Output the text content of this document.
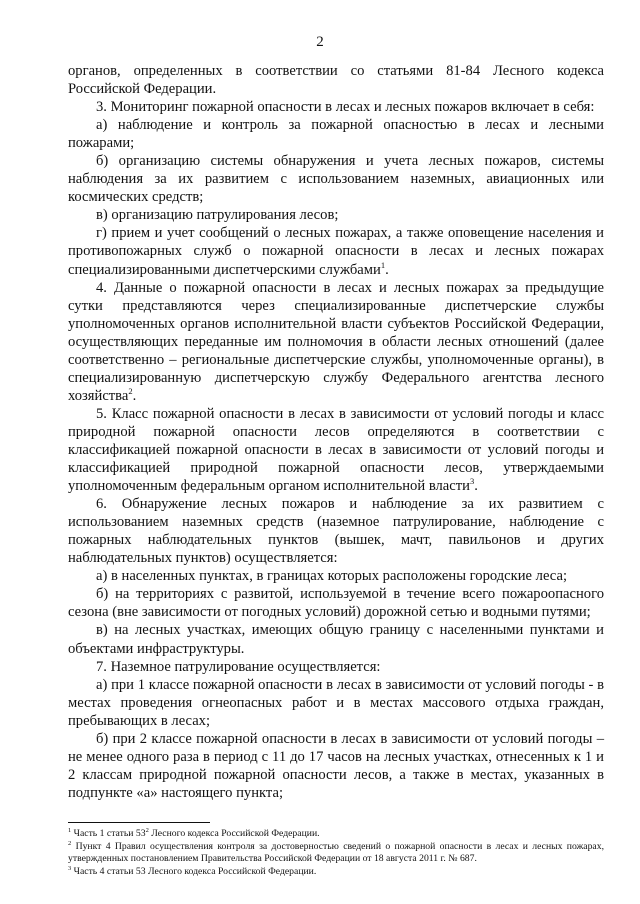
2

органов, определенных в соответствии со статьями 81-84 Лесного кодекса Российской Федерации.

3. Мониторинг пожарной опасности в лесах и лесных пожаров включает в себя:

а) наблюдение и контроль за пожарной опасностью в лесах и лесными пожарами;

б) организацию системы обнаружения и учета лесных пожаров, системы наблюдения за их развитием с использованием наземных, авиационных или космических средств;

в) организацию патрулирования лесов;

г) прием и учет сообщений о лесных пожарах, а также оповещение населения и противопожарных служб о пожарной опасности в лесах и лесных пожарах специализированными диспетчерскими службами$^1$.

4. Данные о пожарной опасности в лесах и лесных пожарах за предыдущие сутки представляются через специализированные диспетчерские службы уполномоченных органов исполнительной власти субъектов Российской Федерации, осуществляющих переданные им полномочия в области лесных отношений (далее соответственно – региональные диспетчерские службы, уполномоченные органы), в специализированную диспетчерскую службу Федерального агентства лесного хозяйства$^2$.

5. Класс пожарной опасности в лесах в зависимости от условий погоды и класс природной пожарной опасности лесов определяются в соответствии с классификацией пожарной опасности в лесах в зависимости от условий погоды и классификацией природной пожарной опасности лесов, утверждаемыми уполномоченным федеральным органом исполнительной власти$^3$.

6. Обнаружение лесных пожаров и наблюдение за их развитием с использованием наземных средств (наземное патрулирование, наблюдение с пожарных наблюдательных пунктов (вышек, мачт, павильонов и других наблюдательных пунктов) осуществляется:

а) в населенных пунктах, в границах которых расположены городские леса;

б) на территориях с развитой, используемой в течение всего пожароопасного сезона (вне зависимости от погодных условий) дорожной сетью и водными путями;

в) на лесных участках, имеющих общую границу с населенными пунктами и объектами инфраструктуры.

7. Наземное патрулирование осуществляется:

а) при 1 классе пожарной опасности в лесах в зависимости от условий погоды - в местах проведения огнеопасных работ и в местах массового отдыха граждан, пребывающих в лесах;

б) при 2 классе пожарной опасности в лесах в зависимости от условий погоды – не менее одного раза в период с 11 до 17 часов на лесных участках, отнесенных к 1 и 2 классам природной пожарной опасности лесов, а также в местах, указанных в подпункте «а» настоящего пункта;

$^1$ Часть 1 статьи $53^2$ Лесного кодекса Российской Федерации.

$^2$ Пункт 4 Правил осуществления контроля за достоверностью сведений о пожарной опасности в лесах и лесных пожарах, утвержденных постановлением Правительства Российской Федерации от 18 августа 2011 г. № 687.

$^3$ Часть 4 статьи 53 Лесного кодекса Российской Федерации.
